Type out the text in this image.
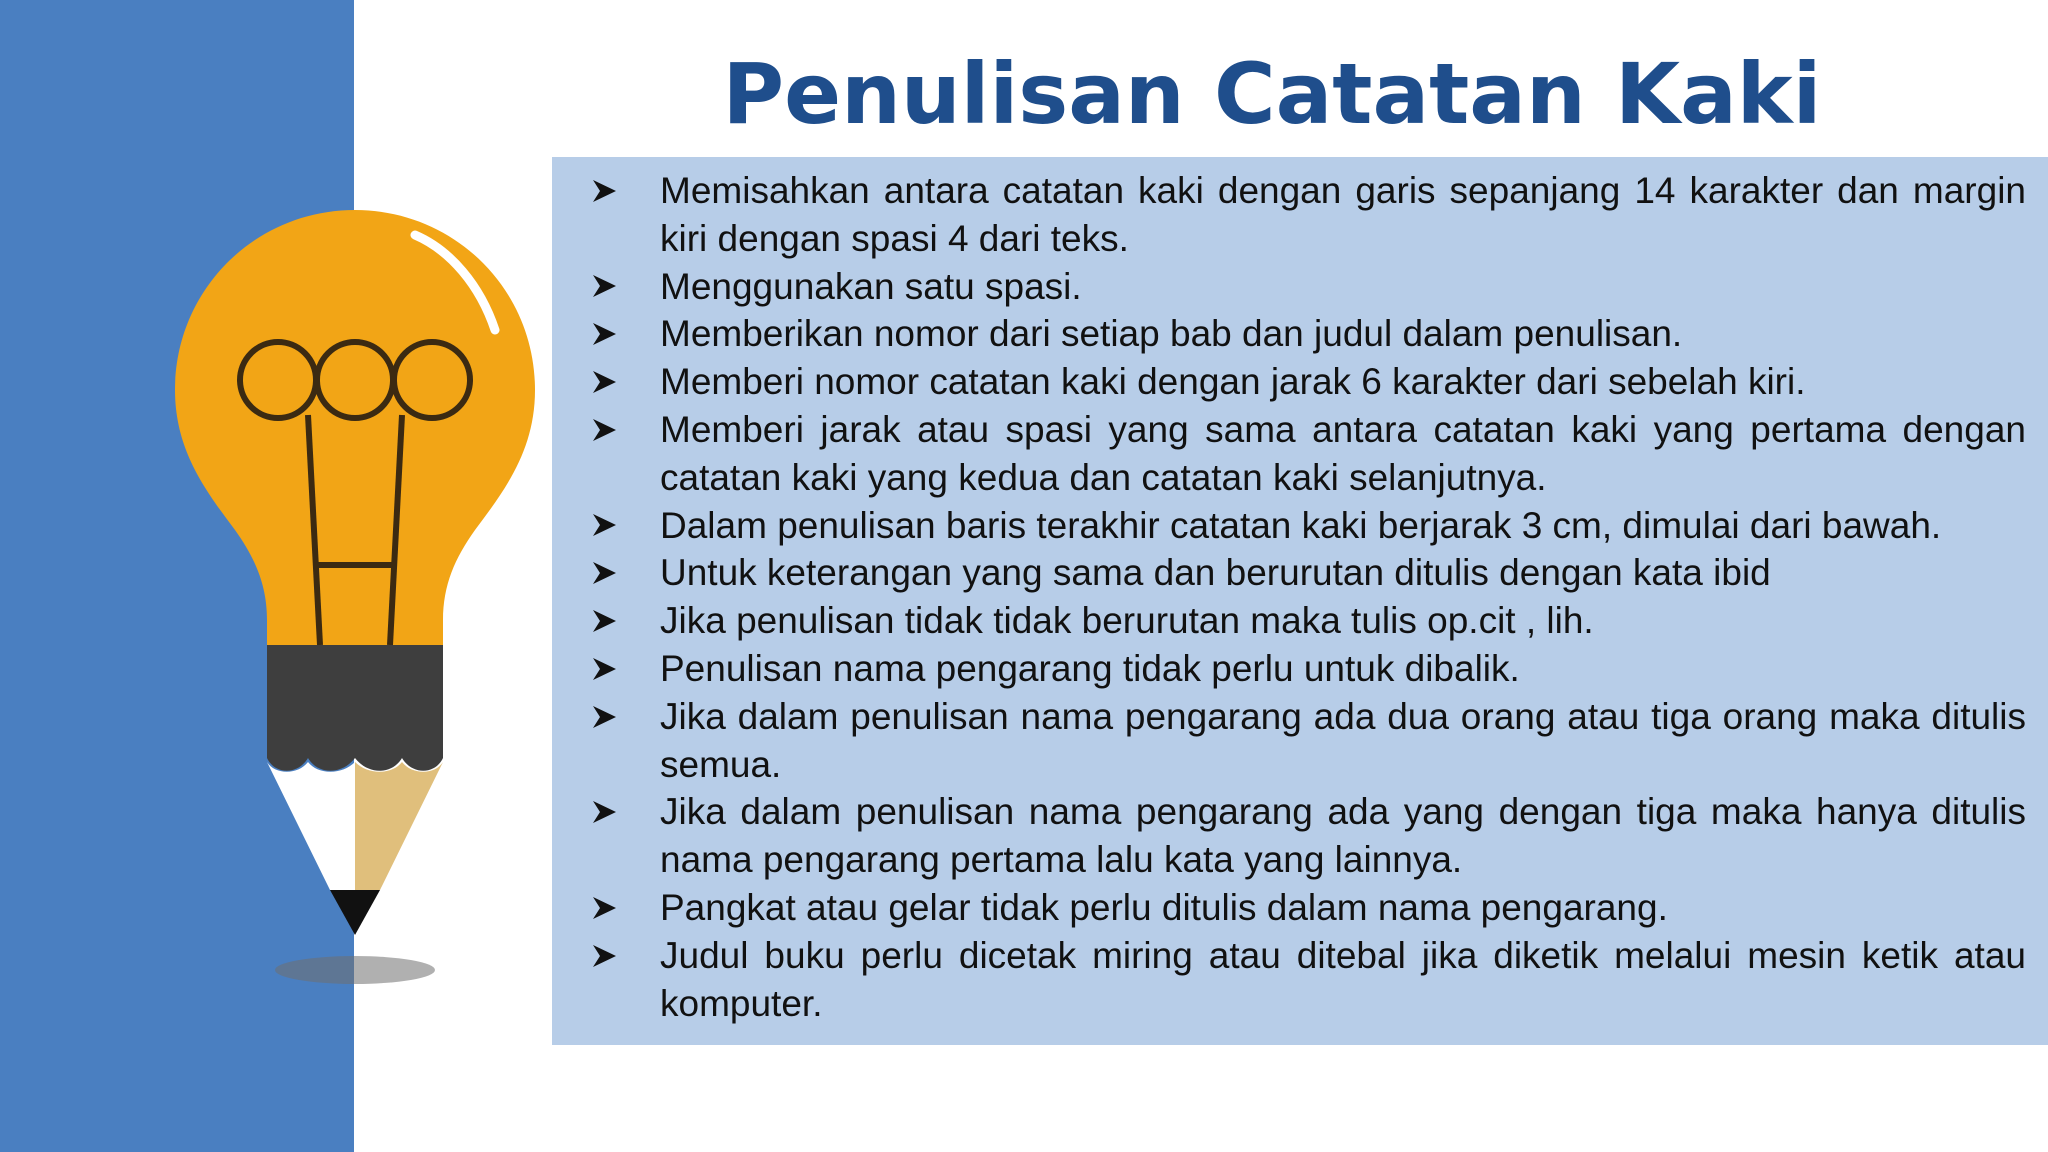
Penulisan Catatan Kaki
Memisahkan antara catatan kaki dengan garis sepanjang 14 karakter dan margin kiri dengan spasi 4 dari teks.
Menggunakan satu spasi.
Memberikan nomor dari setiap bab dan judul dalam penulisan.
Memberi nomor catatan kaki dengan jarak 6 karakter dari sebelah kiri.
Memberi jarak atau spasi yang sama antara catatan kaki yang pertama dengan catatan kaki yang kedua dan catatan kaki selanjutnya.
Dalam penulisan baris terakhir catatan kaki berjarak 3 cm, dimulai dari bawah.
Untuk keterangan yang sama dan berurutan ditulis dengan kata ibid
Jika penulisan tidak tidak berurutan maka tulis op.cit , lih.
Penulisan nama pengarang tidak perlu untuk dibalik.
Jika dalam penulisan nama pengarang ada dua orang atau tiga orang maka ditulis semua.
Jika dalam penulisan nama pengarang ada yang dengan tiga maka hanya ditulis nama pengarang pertama lalu kata yang lainnya.
Pangkat atau gelar tidak perlu ditulis dalam nama pengarang.
Judul buku perlu dicetak miring atau ditebal jika diketik melalui mesin ketik atau komputer.
